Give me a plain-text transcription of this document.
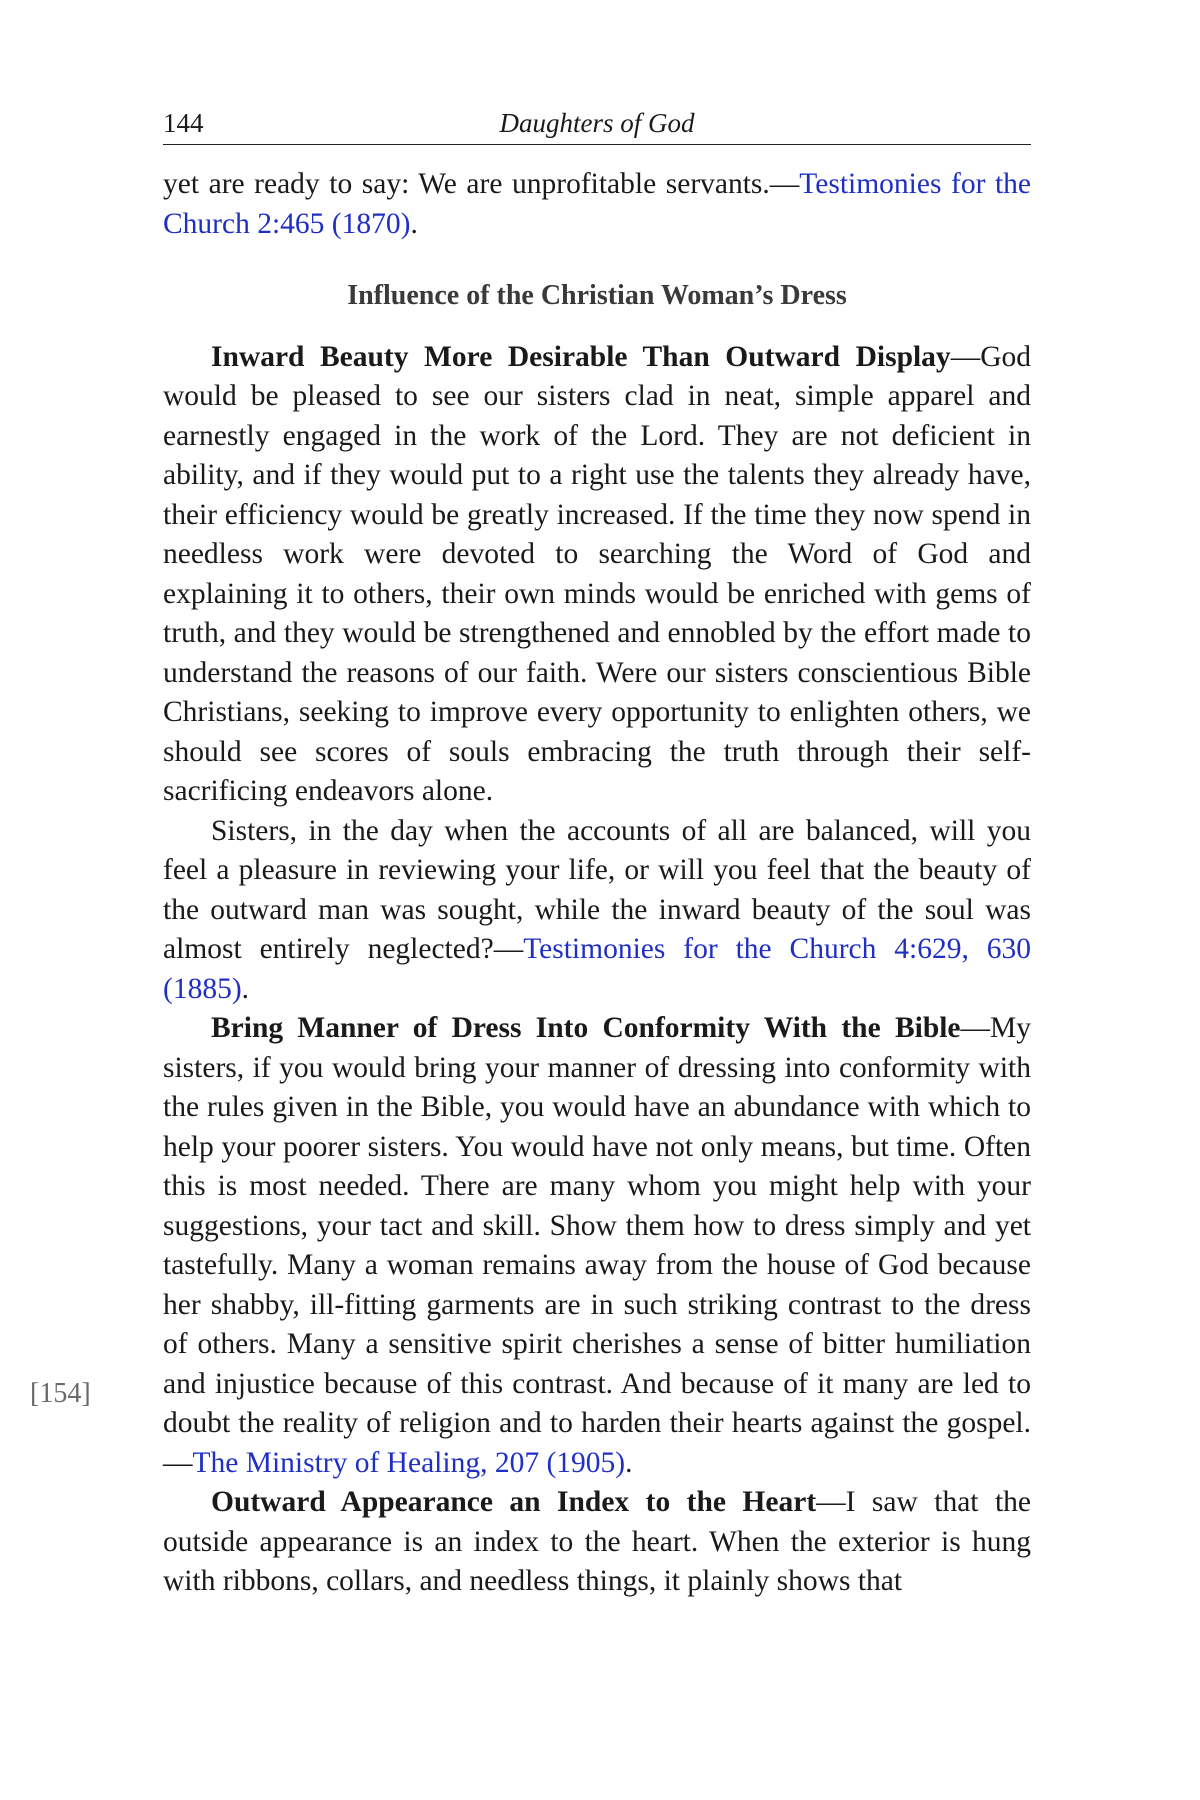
[154]
144	Daughters of God

yet are ready to say: We are unprofitable servants.—Testimonies for the Church 2:465 (1870).

Influence of the Christian Woman’s Dress

Inward Beauty More Desirable Than Outward Display—God would be pleased to see our sisters clad in neat, simple apparel and earnestly engaged in the work of the Lord. They are not deficient in ability, and if they would put to a right use the talents they already have, their efficiency would be greatly increased. If the time they now spend in needless work were devoted to searching the Word of God and explaining it to others, their own minds would be enriched with gems of truth, and they would be strengthened and ennobled by the effort made to understand the reasons of our faith. Were our sisters conscientious Bible Christians, seeking to improve every opportunity to enlighten others, we should see scores of souls embracing the truth through their self-sacrificing endeavors alone.

Sisters, in the day when the accounts of all are balanced, will you feel a pleasure in reviewing your life, or will you feel that the beauty of the outward man was sought, while the inward beauty of the soul was almost entirely neglected?—Testimonies for the Church 4:629, 630 (1885).

Bring Manner of Dress Into Conformity With the Bible—My sisters, if you would bring your manner of dressing into conformity with the rules given in the Bible, you would have an abundance with which to help your poorer sisters. You would have not only means, but time. Often this is most needed. There are many whom you might help with your suggestions, your tact and skill. Show them how to dress simply and yet tastefully. Many a woman remains away from the house of God because her shabby, ill-fitting garments are in such striking contrast to the dress of others. Many a sensitive spirit cherishes a sense of bitter humiliation and injustice because of this contrast. And because of it many are led to doubt the reality of religion and to harden their hearts against the gospel.—The Ministry of Healing, 207 (1905).

Outward Appearance an Index to the Heart—I saw that the outside appearance is an index to the heart. When the exterior is hung with ribbons, collars, and needless things, it plainly shows that
